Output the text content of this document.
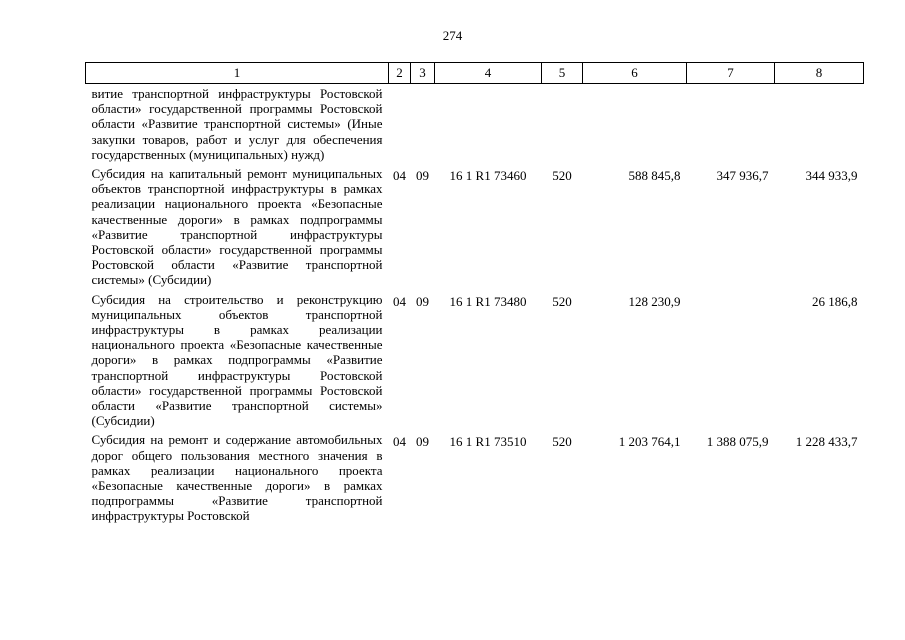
274
1	2	3	4	5	6	7	8
витие транспортной инфраструктуры Ростовской области» государственной программы Ростовской области «Развитие транспортной системы» (Иные закупки товаров, работ и услуг для обеспечения государственных (муниципальных) нужд)							
Субсидия на капитальный ремонт муниципальных объектов транспортной инфраструктуры в рамках реализации национального проекта «Безопасные качественные дороги» в рамках подпрограммы «Развитие транспортной инфраструктуры Ростовской области» государственной программы Ростовской области «Развитие транспортной системы» (Субсидии)	04	09	16 1 R1 73460	520	588 845,8	347 936,7	344 933,9
Субсидия на строительство и реконструкцию муниципальных объектов транспортной инфраструктуры в рамках реализации национального проекта «Безопасные качественные дороги» в рамках подпрограммы «Развитие транспортной инфраструктуры Ростовской области» государственной программы Ростовской области «Развитие транспортной системы» (Субсидии)	04	09	16 1 R1 73480	520	128 230,9		26 186,8
Субсидия на ремонт и содержание автомобильных дорог общего пользования местного значения в рамках реализации национального проекта «Безопасные качественные дороги» в рамках подпрограммы «Развитие транспортной инфраструктуры Ростовской	04	09	16 1 R1 73510	520	1 203 764,1	1 388 075,9	1 228 433,7
